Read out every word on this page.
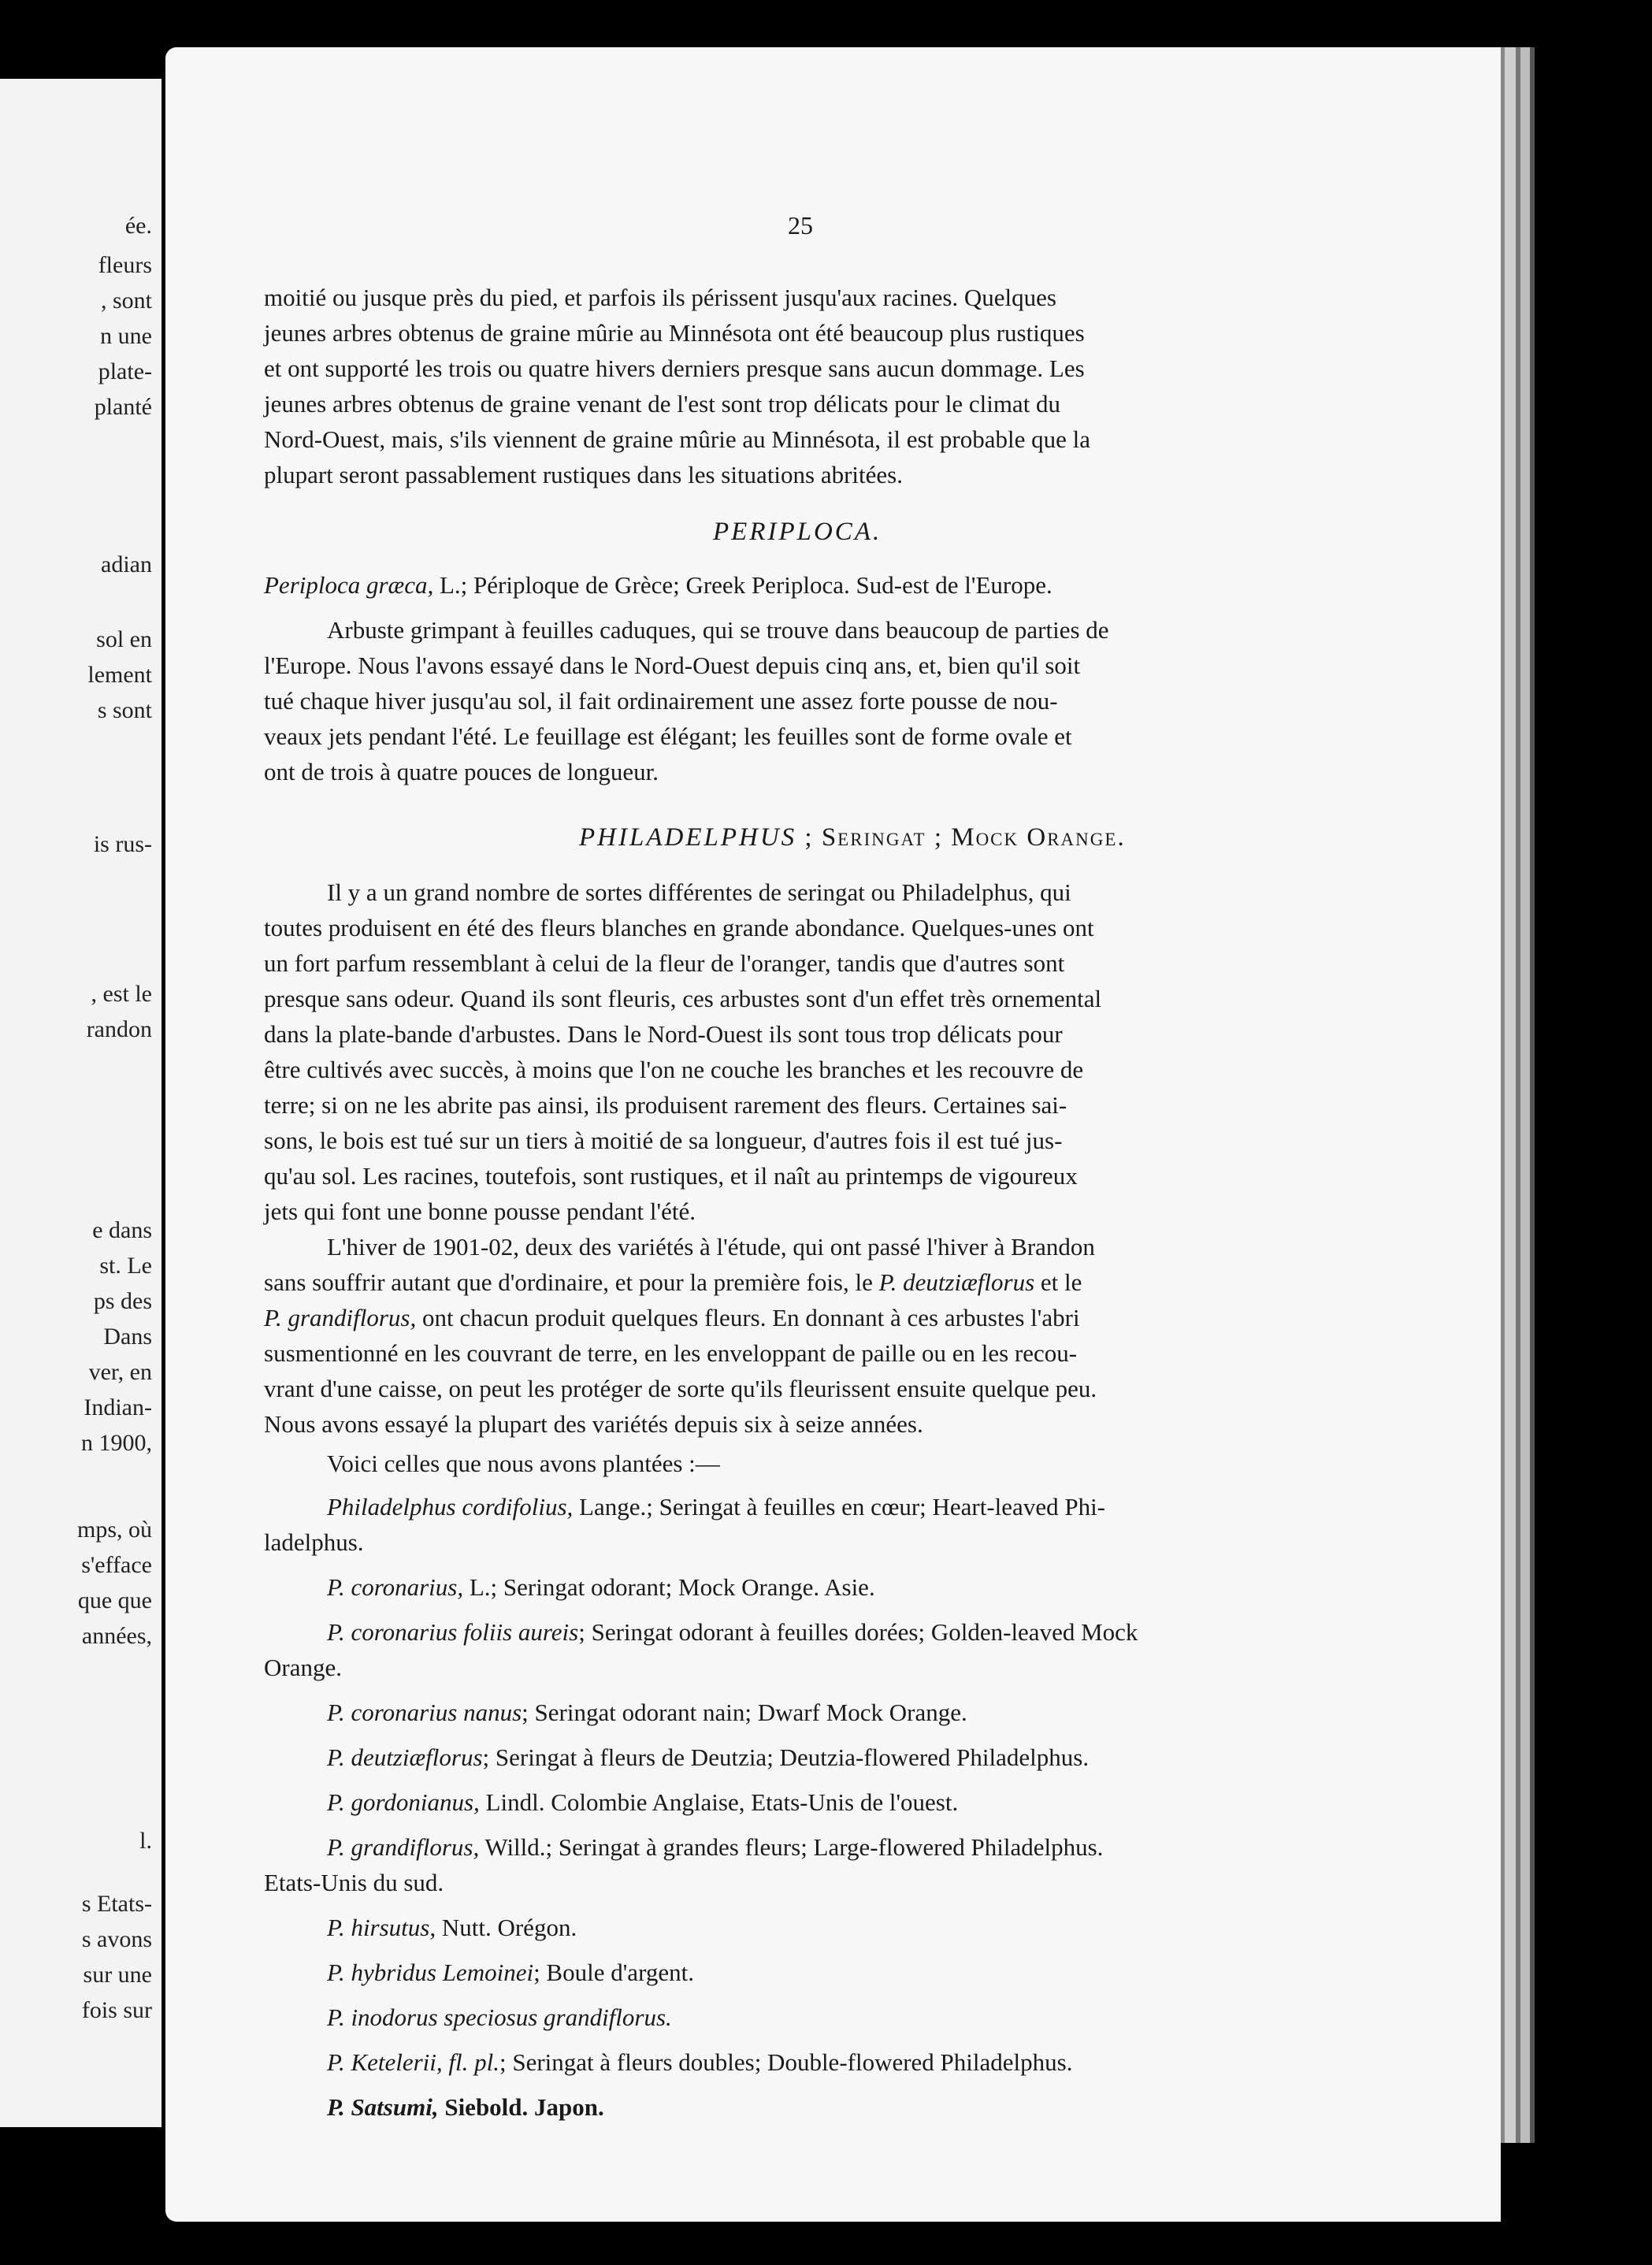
ée.
fleurs
, sont
n une
plate-
planté
adian
sol en
lement
s sont
is rus-
, est le
randon
e dans
st. Le
ps des
Dans
ver, en
Indian-
n 1900,
mps, où
s'efface
que que
années,
l.
s Etats-
s avons
sur une
fois sur
25
moitié ou jusque près du pied, et parfois ils périssent jusqu'aux racines. Quelques
jeunes arbres obtenus de graine mûrie au Minnésota ont été beaucoup plus rustiques
et ont supporté les trois ou quatre hivers derniers presque sans aucun dommage. Les
jeunes arbres obtenus de graine venant de l'est sont trop délicats pour le climat du
Nord-Ouest, mais, s'ils viennent de graine mûrie au Minnésota, il est probable que la
plupart seront passablement rustiques dans les situations abritées.
PERIPLOCA.
Periploca græca, L.; Périploque de Grèce; Greek Periploca. Sud-est de l'Europe.
Arbuste grimpant à feuilles caduques, qui se trouve dans beaucoup de parties de
l'Europe. Nous l'avons essayé dans le Nord-Ouest depuis cinq ans, et, bien qu'il soit
tué chaque hiver jusqu'au sol, il fait ordinairement une assez forte pousse de nou-
veaux jets pendant l'été. Le feuillage est élégant; les feuilles sont de forme ovale et
ont de trois à quatre pouces de longueur.
PHILADELPHUS ; Seringat ; Mock Orange.
Il y a un grand nombre de sortes différentes de seringat ou Philadelphus, qui
toutes produisent en été des fleurs blanches en grande abondance. Quelques-unes ont
un fort parfum ressemblant à celui de la fleur de l'oranger, tandis que d'autres sont
presque sans odeur. Quand ils sont fleuris, ces arbustes sont d'un effet très ornemental
dans la plate-bande d'arbustes. Dans le Nord-Ouest ils sont tous trop délicats pour
être cultivés avec succès, à moins que l'on ne couche les branches et les recouvre de
terre; si on ne les abrite pas ainsi, ils produisent rarement des fleurs. Certaines sai-
sons, le bois est tué sur un tiers à moitié de sa longueur, d'autres fois il est tué jus-
qu'au sol. Les racines, toutefois, sont rustiques, et il naît au printemps de vigoureux
jets qui font une bonne pousse pendant l'été.
L'hiver de 1901-02, deux des variétés à l'étude, qui ont passé l'hiver à Brandon
sans souffrir autant que d'ordinaire, et pour la première fois, le P. deutziæflorus et le
P. grandiflorus, ont chacun produit quelques fleurs. En donnant à ces arbustes l'abri
susmentionné en les couvrant de terre, en les enveloppant de paille ou en les recou-
vrant d'une caisse, on peut les protéger de sorte qu'ils fleurissent ensuite quelque peu.
Nous avons essayé la plupart des variétés depuis six à seize années.
Voici celles que nous avons plantées :—
Philadelphus cordifolius, Lange.; Seringat à feuilles en cœur; Heart-leaved Phi-
ladelphus.
P. coronarius, L.; Seringat odorant; Mock Orange. Asie.
P. coronarius foliis aureis; Seringat odorant à feuilles dorées; Golden-leaved Mock
Orange.
P. coronarius nanus; Seringat odorant nain; Dwarf Mock Orange.
P. deutziæflorus; Seringat à fleurs de Deutzia; Deutzia-flowered Philadelphus.
P. gordonianus, Lindl. Colombie Anglaise, Etats-Unis de l'ouest.
P. grandiflorus, Willd.; Seringat à grandes fleurs; Large-flowered Philadelphus.
Etats-Unis du sud.
P. hirsutus, Nutt. Orégon.
P. hybridus Lemoinei; Boule d'argent.
P. inodorus speciosus grandiflorus.
P. Ketelerii, fl. pl.; Seringat à fleurs doubles; Double-flowered Philadelphus.
P. Satsumi, Siebold. Japon.
